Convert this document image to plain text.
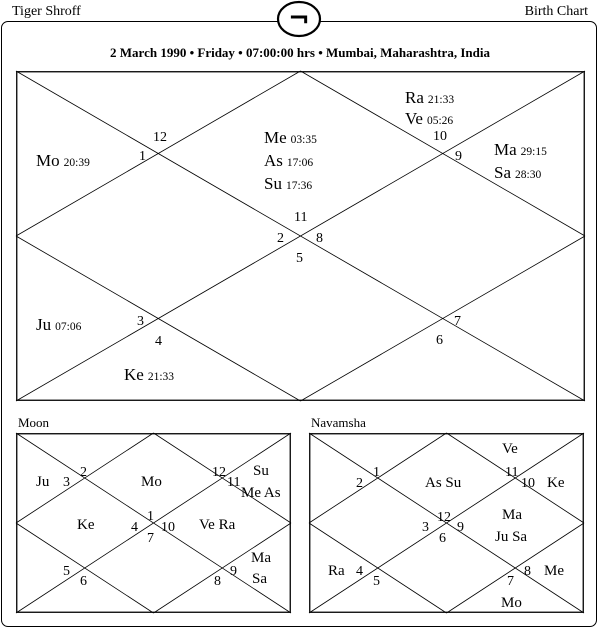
Tiger Shroff	Birth Chart
¬
2 March 1990 • Friday • 07:00:00 hrs • Mumbai, Maharashtra, India
12
1
10
9
11
2 8
5
3
4
7
6
Mo 20:39
Me 03:35
As 17:06
Su 17:36
Ra 21:33
Ve 05:26
Ma 29:15
Sa 28:30
Ju 07:06
Ke 21:33
Moon
2
3
12
11
1
4 10
7
5
6
9
8
Ju	Mo
Su
Me As
Ke	Ve Ra
Ma
Sa
Navamsha
1
2
11
10
12
3 9
6
4
5
8
7
Ve
As Su	Ke
Ma
Ju Sa
Ra	Me
Mo
